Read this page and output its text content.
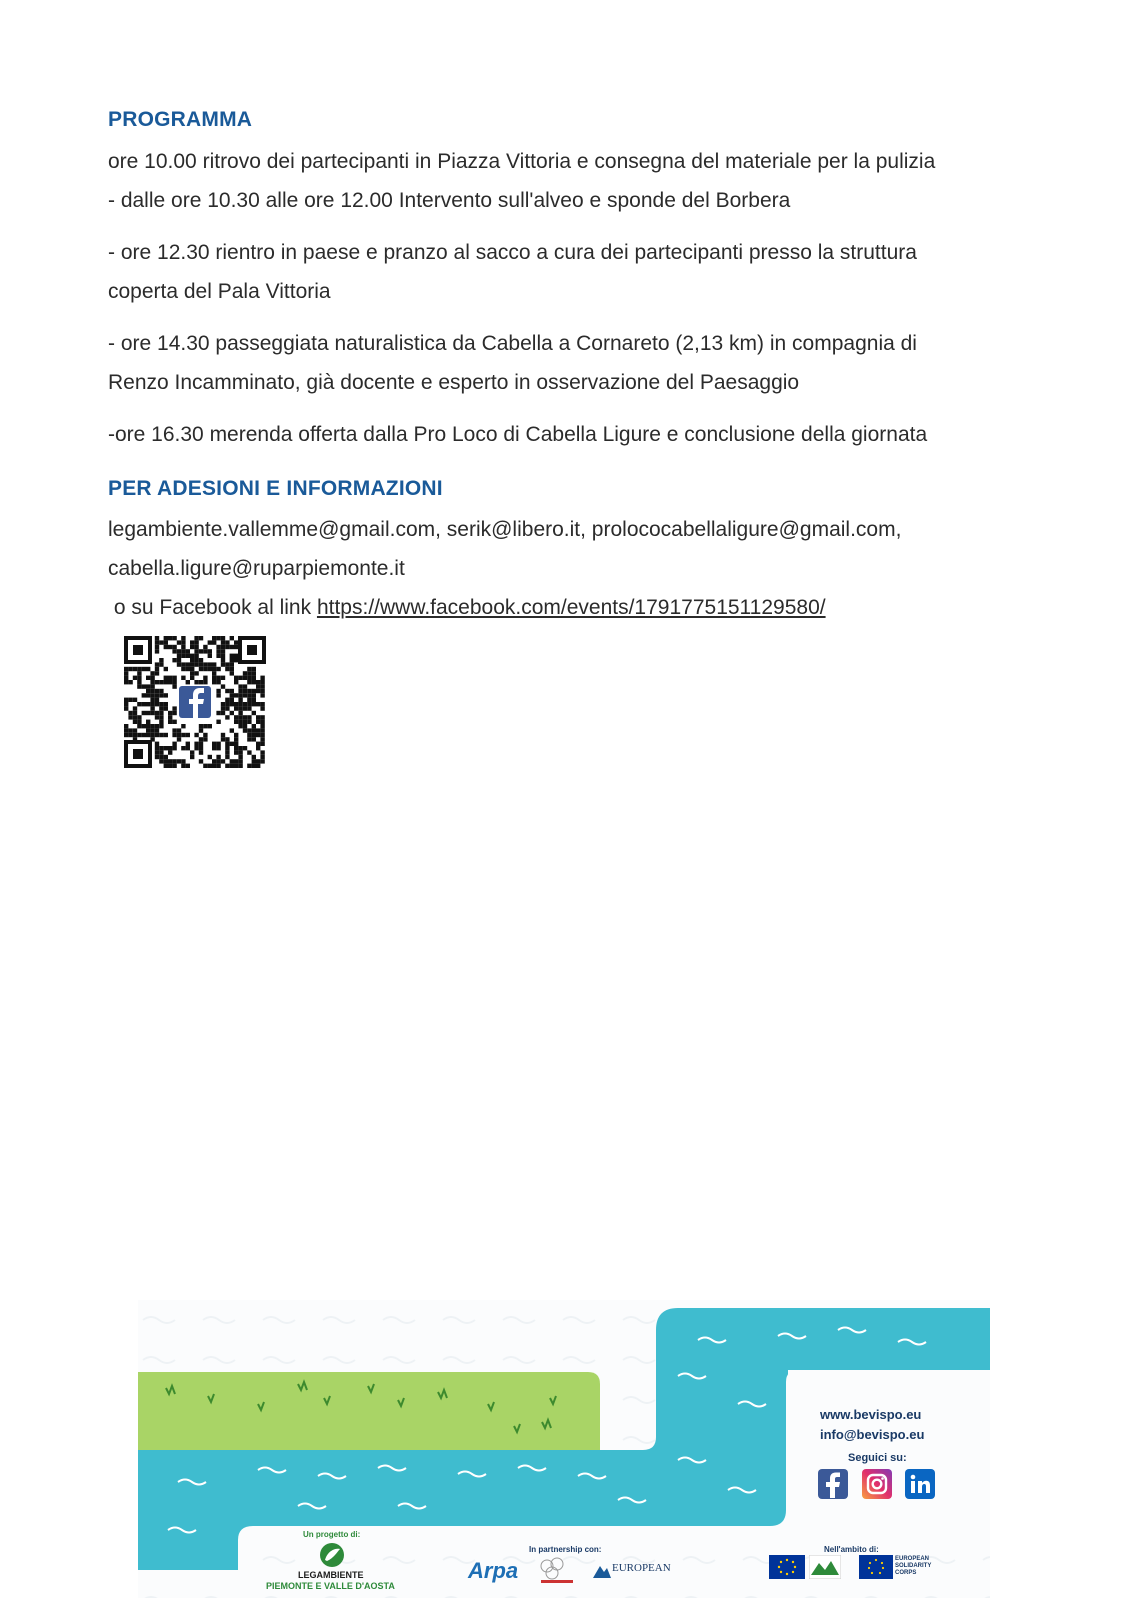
PROGRAMMA

ore 10.00 ritrovo dei partecipanti in Piazza Vittoria e consegna del materiale per la pulizia

- dalle ore 10.30 alle ore 12.00 Intervento sull'alveo e sponde del Borbera

- ore 12.30 rientro in paese e pranzo al sacco a cura dei partecipanti presso la struttura

coperta del Pala Vittoria

- ore 14.30 passeggiata naturalistica da Cabella a Cornareto (2,13 km) in compagnia di

Renzo Incamminato, già docente e esperto in osservazione del Paesaggio

-ore 16.30 merenda offerta dalla Pro Loco di Cabella Ligure e conclusione della giornata

PER ADESIONI E INFORMAZIONI

legambiente.vallemme@gmail.com, serik@libero.it, prolococabellaligure@gmail.com,

cabella.ligure@ruparpiemonte.it

o su Facebook al link https://www.facebook.com/events/1791775151129580/

www.bevispo.eu
info@bevispo.eu
Seguici su:
Un progetto di:
LEGAMBIENTE
PIEMONTE E VALLE D'AOSTA
In partnership con:
Arpa	EUROPEAN
Nell'ambito di:
EUROPEAN SOLIDARITY CORPS
